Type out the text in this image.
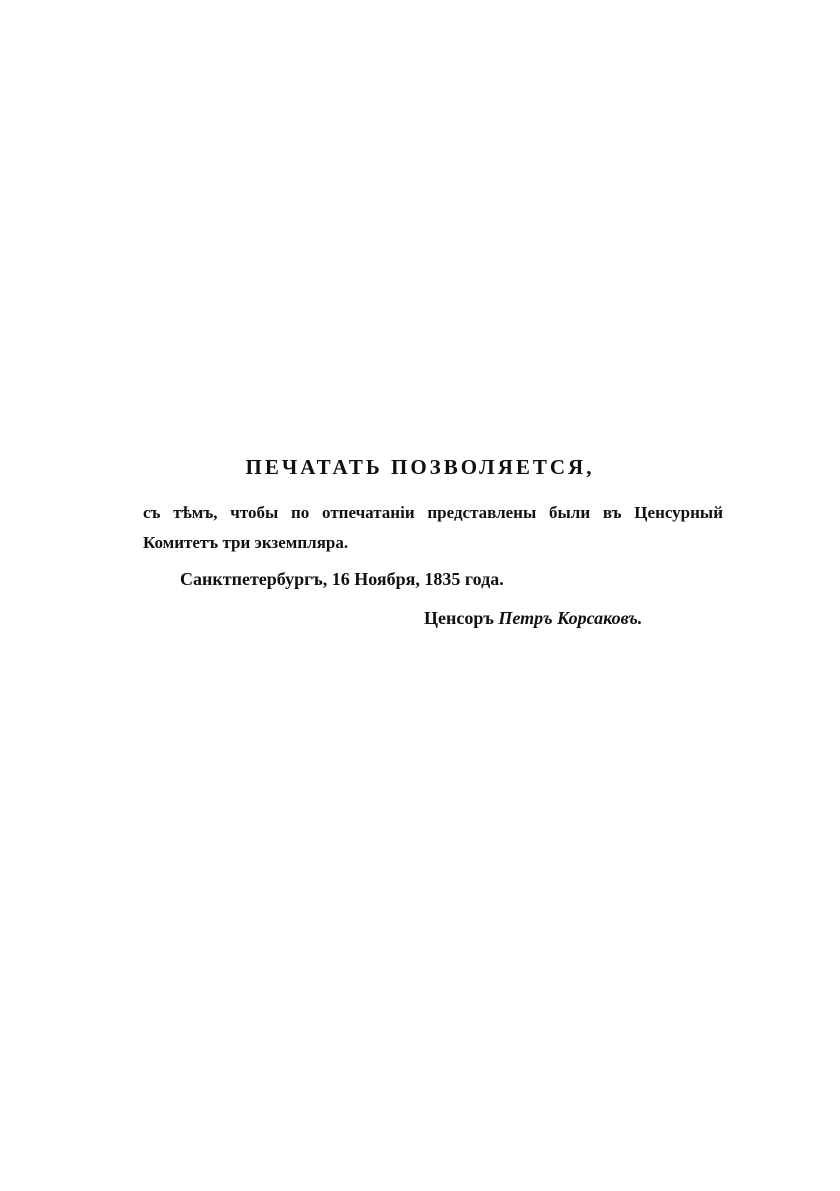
ПЕЧАТАТЬ ПОЗВОЛЯЕТСЯ,
съ тѣмъ, чтобы по отпечатаніи представлены были въ Ценсурный Комитетъ три экземпляра.
Санктпетербургъ, 16 Ноября, 1835 года.
Ценсоръ Петръ Корсаковъ.
